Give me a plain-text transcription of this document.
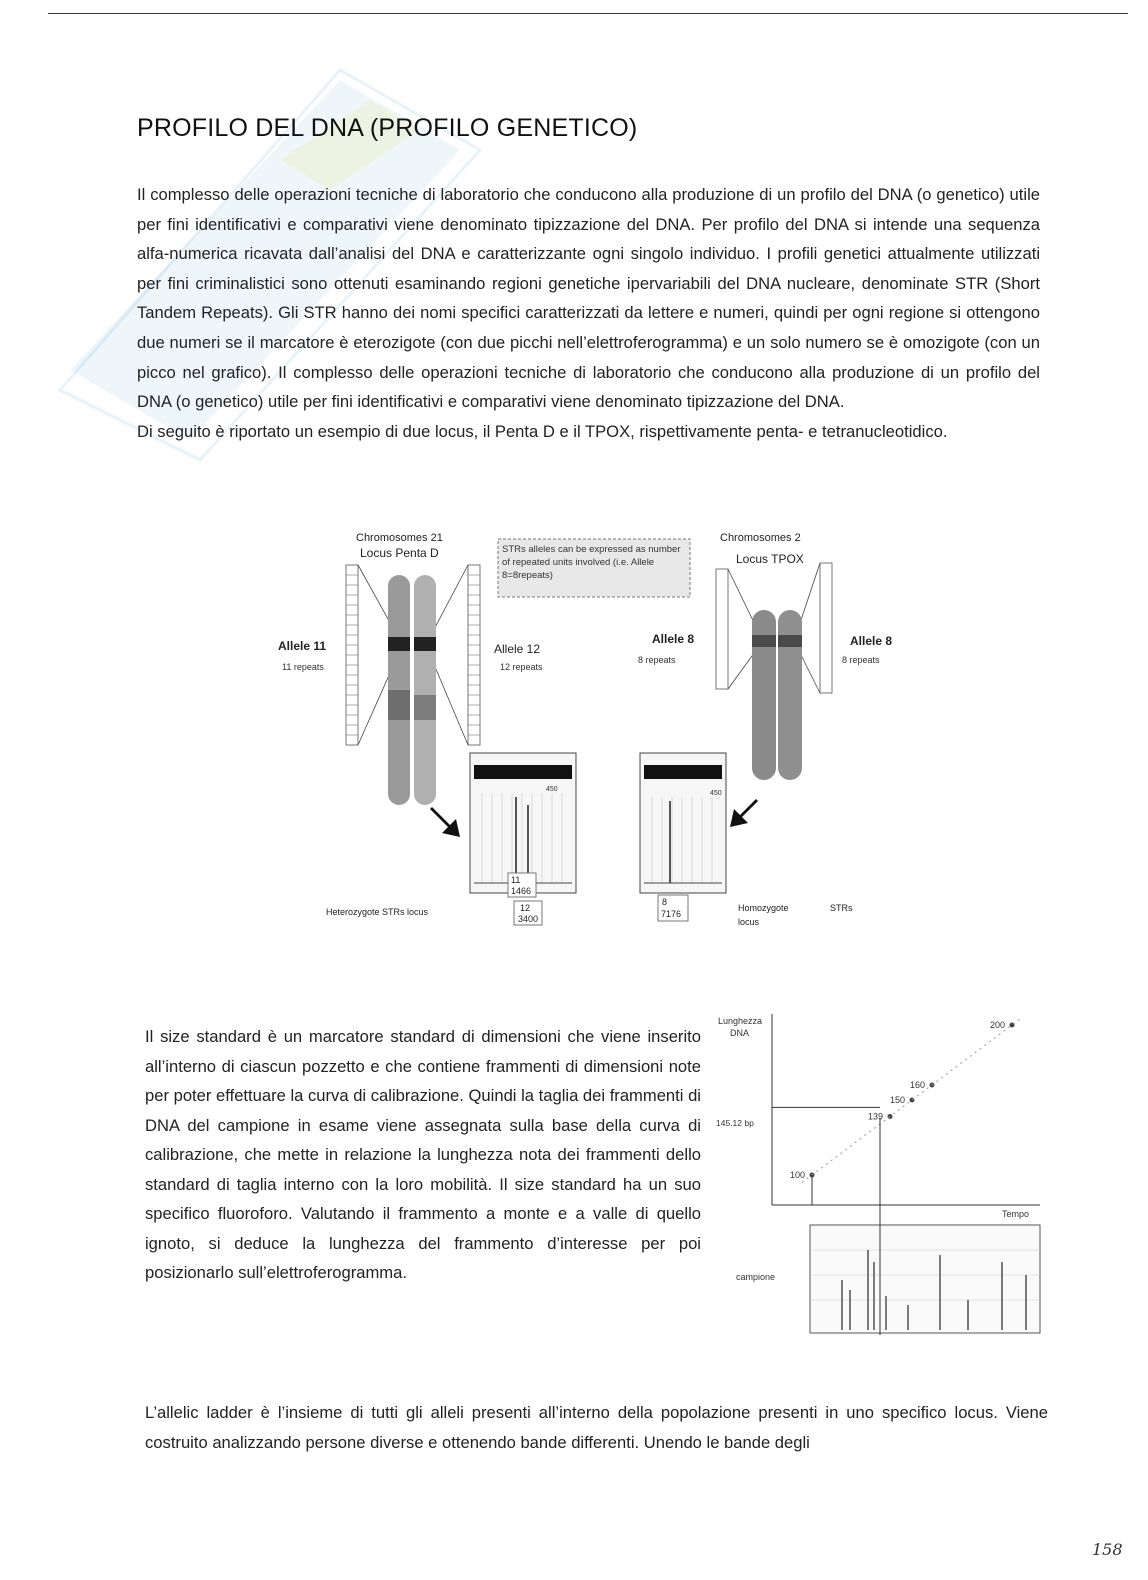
PROFILO DEL DNA (PROFILO GENETICO)

Il complesso delle operazioni tecniche di laboratorio che conducono alla produzione di un profilo del DNA (o genetico) utile per fini identificativi e comparativi viene denominato tipizzazione del DNA. Per profilo del DNA si intende una sequenza alfa-numerica ricavata dall’analisi del DNA e caratterizzante ogni singolo individuo. I profili genetici attualmente utilizzati per fini criminalistici sono ottenuti esaminando regioni genetiche ipervariabili del DNA nucleare, denominate STR (Short Tandem Repeats). Gli STR hanno dei nomi specifici caratterizzati da lettere e numeri, quindi per ogni regione si ottengono due numeri se il marcatore è eterozigote (con due picchi nell’elettroferogramma) e un solo numero se è omozigote (con un picco nel grafico). Il complesso delle operazioni tecniche di laboratorio che conducono alla produzione di un profilo del DNA (o genetico) utile per fini identificativi e comparativi viene denominato tipizzazione del DNA.

Di seguito è riportato un esempio di due locus, il Penta D e il TPOX, rispettivamente penta- e tetranucleotidico.

Chromosomes 21
Locus Penta D	STRs alleles can be expressed as number of repeated units involved (i.e. Allele 8=8repeats)
Chromosomes 2
Locus TPOX
Allele 11
11 repeats
Allele 12
12 repeats
Allele 8
8 repeats
Allele 8
8 repeats
450
11
1466
12
3400
Heterozygote STRs locus
450
8
7176
Homozygote
locus
STRs

Il size standard è un marcatore standard di dimensioni che viene inserito all’interno di ciascun pozzetto e che contiene frammenti di dimensioni note per poter effettuare la curva di calibrazione. Quindi la taglia dei frammenti di DNA del campione in esame viene assegnata sulla base della curva di calibrazione, che mette in relazione la lunghezza nota dei frammenti dello standard di taglia interno con la loro mobilità. Il size standard ha un suo specifico fluoroforo. Valutando il frammento a monte e a valle di quello ignoto, si deduce la lunghezza del frammento d’interesse per poi posizionarlo sull’elettroferogramma.

Lunghezza
DNA
Tempo
145.12 bp
100
139
150
160
200
campione

L’allelic ladder è l’insieme di tutti gli alleli presenti all’interno della popolazione presenti in uno specifico locus. Viene costruito analizzando persone diverse e ottenendo bande differenti. Unendo le bande degli

158
